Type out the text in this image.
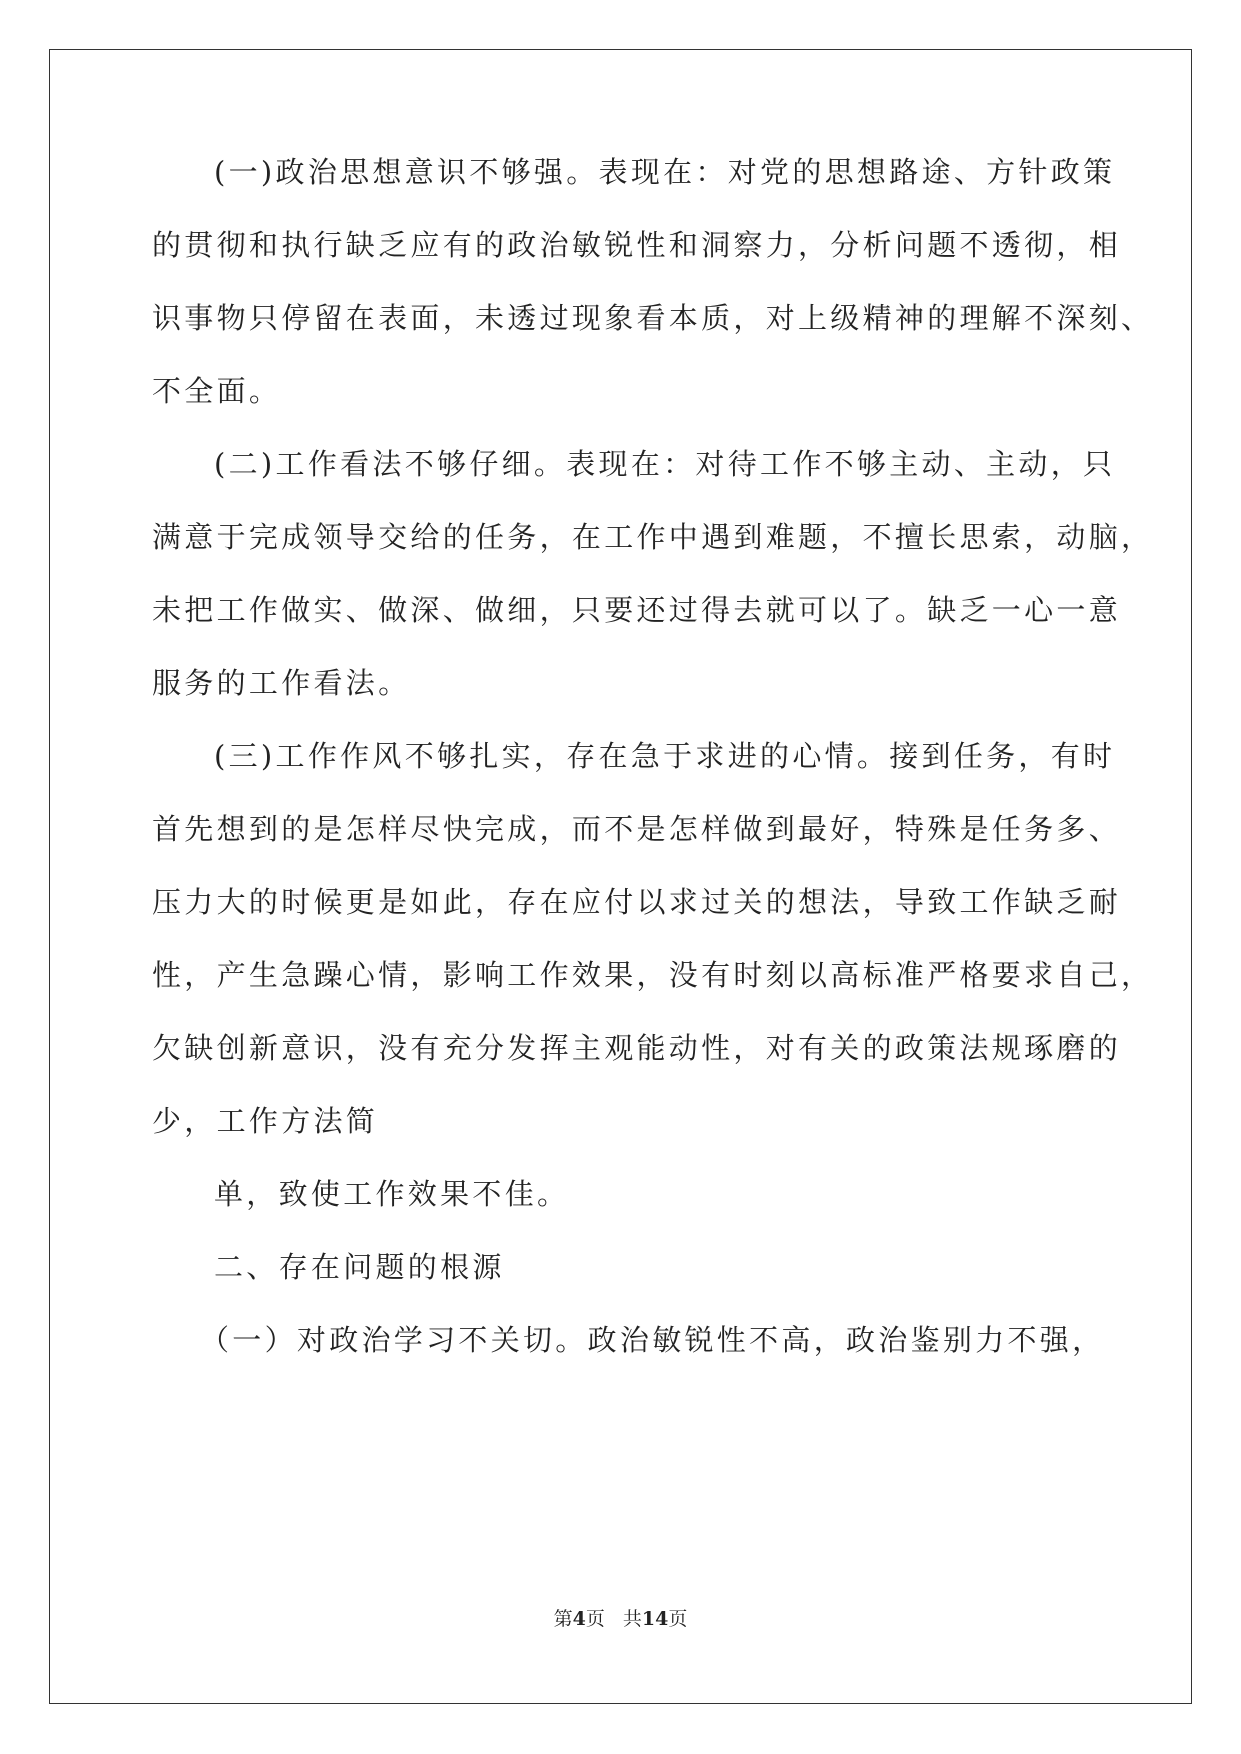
(一)政治思想意识不够强。表现在：对党的思想路途、方针政策
的贯彻和执行缺乏应有的政治敏锐性和洞察力，分析问题不透彻，相
识事物只停留在表面，未透过现象看本质，对上级精神的理解不深刻、
不全面。
(二)工作看法不够仔细。表现在：对待工作不够主动、主动，只
满意于完成领导交给的任务，在工作中遇到难题，不擅长思索，动脑，
未把工作做实、做深、做细，只要还过得去就可以了。缺乏一心一意
服务的工作看法。
(三)工作作风不够扎实，存在急于求进的心情。接到任务，有时
首先想到的是怎样尽快完成，而不是怎样做到最好，特殊是任务多、
压力大的时候更是如此，存在应付以求过关的想法，导致工作缺乏耐
性，产生急躁心情，影响工作效果，没有时刻以高标准严格要求自己，
欠缺创新意识，没有充分发挥主观能动性，对有关的政策法规琢磨的
少，工作方法简
单，致使工作效果不佳。
二、存在问题的根源
（一）对政治学习不关切。政治敏锐性不高，政治鉴别力不强，
第4页 共14页
